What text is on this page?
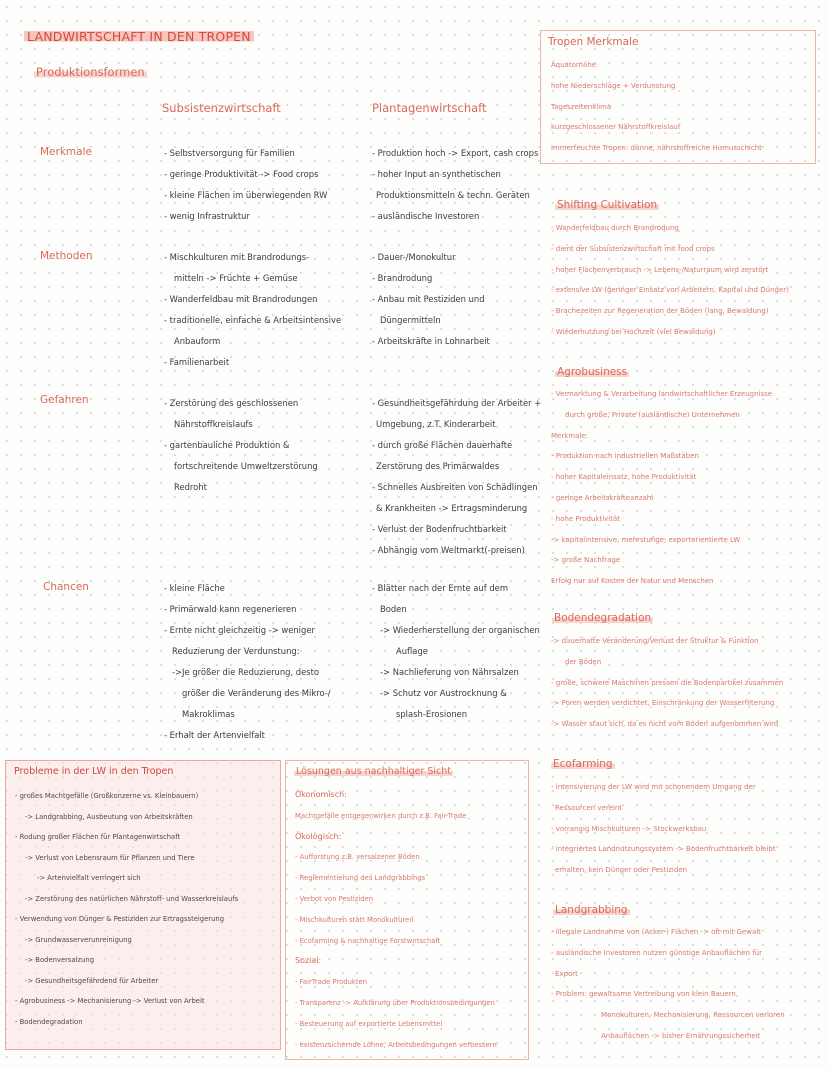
LANDWIRTSCHAFT IN DEN TROPEN
Produktionsformen
Subsistenzwirtschaft	Plantagenwirtschaft
Merkmale
Methoden
Gefahren
Chancen
- Selbstversorgung für Familien
- geringe Produktivität -> Food crops
- kleine Flächen im überwiegenden RW
- wenig Infrastruktur
- Produktion hoch -> Export, cash crops
- hoher Input an synthetischen
Produktionsmitteln & techn. Geräten
- ausländische Investoren
- Mischkulturen mit Brandrodungs-
mitteln -> Früchte + Gemüse
- Wanderfeldbau mit Brandrodungen
- traditionelle, einfache & Arbeitsintensive
Anbauform
- Familienarbeit
- Dauer-/Monokultur
- Brandrodung
- Anbau mit Pestiziden und
Düngermitteln
- Arbeitskräfte in Lohnarbeit
- Zerstörung des geschlossenen
Nährstoffkreislaufs
- gartenbauliche Produktion &
fortschreitende Umweltzerstörung
Redroht
- Gesundheitsgefährdung der Arbeiter +
Umgebung, z.T. Kinderarbeit
- durch große Flächen dauerhafte
Zerstörung des Primärwaldes
- Schnelles Ausbreiten von Schädlingen
& Krankheiten -> Ertragsminderung
- Verlust der Bodenfruchtbarkeit
- Abhängig vom Weltmarkt(-preisen)
- kleine Fläche
- Primärwald kann regenerieren
- Ernte nicht gleichzeitig -> weniger
Reduzierung der Verdunstung:
->Je größer die Reduzierung, desto
größer die Veränderung des Mikro-/
Makroklimas
- Erhalt der Artenvielfalt
- Blätter nach der Ernte auf dem
Boden
-> Wiederherstellung der organischen
Auflage
-> Nachlieferung von Nährsalzen
-> Schutz vor Austrocknung &
splash-Erosionen
Tropen Merkmale
Äquatornähe
hohe Niederschläge + Verdunstung
Tageszeitenklima
kurzgeschlossener Nährstoffkreislauf
immerfeuchte Tropen: dünne, nährstoffreiche Humusschicht
Shifting Cultivation
- Wanderfeldbau durch Brandrodung
- dient der Subsistenzwirtschaft mit food crops
- hoher Flächenverbrauch -> Lebens-/Naturraum wird zerstört
- extensive LW (geringer Einsatz von Arbeitern, Kapital und Dünger)
- Brachezeiten zur Regeneration der Böden (lang, Bewaldung)
- Wiedernutzung bei Hochzeit (viel Bewaldung)
Agrobusiness
- Vermarktung & Verarbeitung landwirtschaftlicher Erzeugnisse
durch große, Private (ausländische) Unternehmen
Merkmale:
- Produktion nach industriellen Maßstäben
- hoher Kapitaleinsatz, hohe Produktivität
- geringe Arbeitskräfteanzahl
- hohe Produktivität
-> kapitalintensive, mehrstufige, exportorientierte LW
-> große Nachfrage
Erfolg nur auf Kosten der Natur und Menschen
Bodendegradation
-> dauerhafte Veränderung/Verlust der Struktur & Funktion
der Böden
- große, schwere Maschinen pressen die Bodenpartikel zusammen
-> Poren werden verdichtet, Einschränkung der Wasserfilterung
-> Wasser staut sich, da es nicht vom Boden aufgenommen wird
Ecofarming
- intensivierung der LW wird mit schonendem Umgang der
Ressourcen vereint
- vorrangig Mischkulturen -> Stockwerksbau
- integriertes Landnutzungssystem -> Bodenfruchtbarkeit bleibt
erhalten, kein Dünger oder Pestiziden
Landgrabbing
- illegale Landnahme von (Acker-) Flächen -> oft mit Gewalt
- ausländische Investoren nutzen günstige Anbauflächen für
Export
- Problem: gewaltsame Vertreibung von klein Bauern,
Monokulturen, Mechanisierung, Ressourcen verloren
Anbauflächen -> bisher Ernährungssicherheit
Probleme in der LW in den Tropen
- großes Machtgefälle (Großkonzerne vs. Kleinbauern)
-> Landgrabbing, Ausbeutung von Arbeitskräften
- Rodung großer Flächen für Plantagenwirtschaft
-> Verlust von Lebensraum für Pflanzen und Tiere
-> Artenvielfalt verringert sich
-> Zerstörung des natürlichen Nährstoff- und Wasserkreislaufs
- Verwendung von Dünger & Pestiziden zur Ertragssteigerung
-> Grundwasserverunreinigung
-> Bodenversalzung
-> Gesundheitsgefährdend für Arbeiter
- Agrobusiness -> Mechanisierung -> Verlust von Arbeit
- Bodendegradation
Lösungen aus nachhaltiger Sicht
Ökonomisch:
Machtgefälle entgegenwirken durch z.B. Fair-Trade
Ökologisch:
- Aufforstung z.B. versalzener Böden
- Reglementierung des Landgrabbings
- Verbot von Pestiziden
- Mischkulturen statt Monokulturen
- Ecofarming & nachhaltige Forstwirtschaft
Sozial:
- FairTrade Produkten
- Transparenz -> Aufklärung über Produktionsbedingungen
- Besteuerung auf exportierte Lebensmittel
- existenzsichernde Löhne, Arbeitsbedingungen verbessern
